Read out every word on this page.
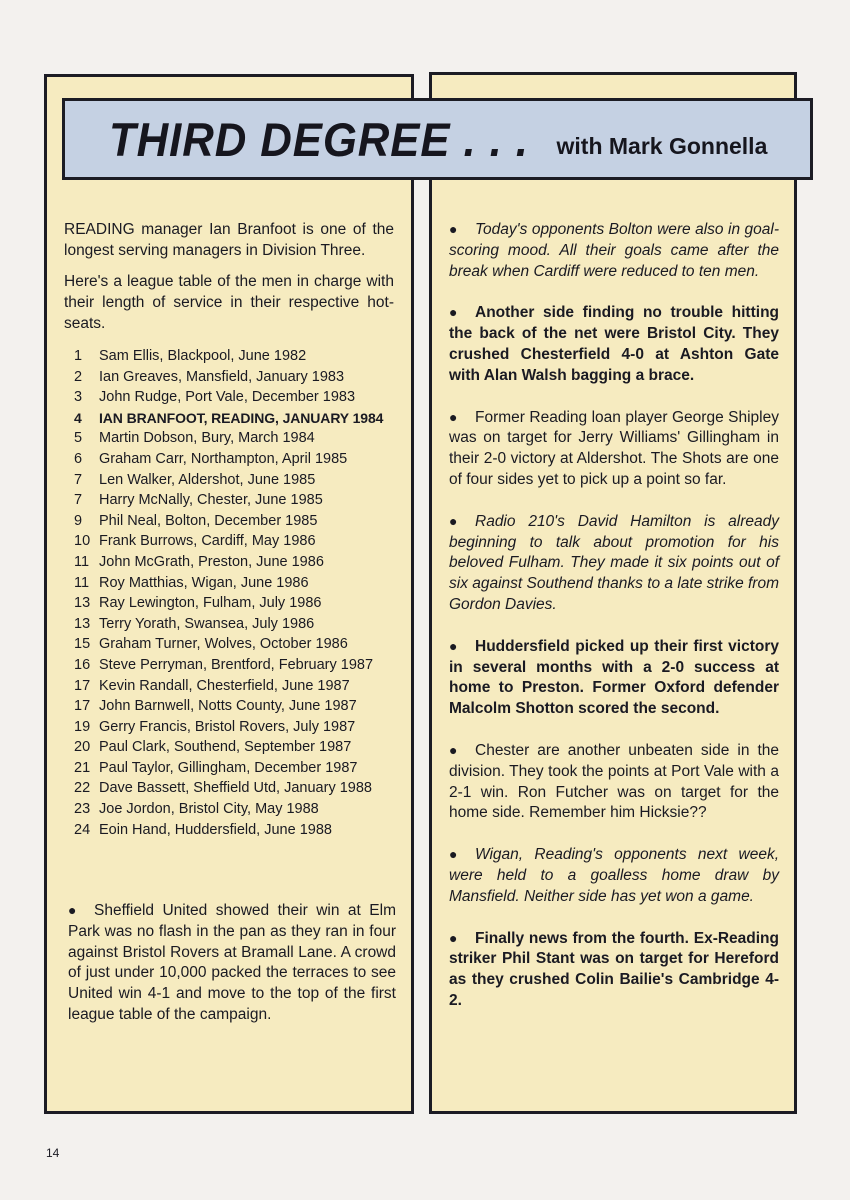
THIRD DEGREE . . . with Mark Gonnella

READING manager Ian Branfoot is one of the longest serving managers in Division Three.

Here's a league table of the men in charge with their length of service in their respective hot-seats.

1	Sam Ellis, Blackpool, June 1982
2	Ian Greaves, Mansfield, January 1983
3	John Rudge, Port Vale, December 1983
4	IAN BRANFOOT, READING, JANUARY 1984
5	Martin Dobson, Bury, March 1984
6	Graham Carr, Northampton, April 1985
7	Len Walker, Aldershot, June 1985
7	Harry McNally, Chester, June 1985
9	Phil Neal, Bolton, December 1985
10 Frank Burrows, Cardiff, May 1986
11 John McGrath, Preston, June 1986
11 Roy Matthias, Wigan, June 1986
13 Ray Lewington, Fulham, July 1986
13 Terry Yorath, Swansea, July 1986
15 Graham Turner, Wolves, October 1986
16 Steve Perryman, Brentford, February 1987
17 Kevin Randall, Chesterfield, June 1987
17 John Barnwell, Notts County, June 1987
19 Gerry Francis, Bristol Rovers, July 1987
20 Paul Clark, Southend, September 1987
21 Paul Taylor, Gillingham, December 1987
22 Dave Bassett, Sheffield Utd, January 1988
23 Joe Jordon, Bristol City, May 1988
24 Eoin Hand, Huddersfield, June 1988
●Sheffield United showed their win at Elm Park was no flash in the pan as they ran in four against Bristol Rovers at Bramall Lane. A crowd of just under 10,000 packed the terraces to see United win 4-1 and move to the top of the first league table of the campaign.

●Today's opponents Bolton were also in goal-scoring mood. All their goals came after the break when Cardiff were reduced to ten men.

●Another side finding no trouble hitting the back of the net were Bristol City. They crushed Chesterfield 4-0 at Ashton Gate with Alan Walsh bagging a brace.

●Former Reading loan player George Shipley was on target for Jerry Williams' Gillingham in their 2-0 victory at Aldershot. The Shots are one of four sides yet to pick up a point so far.

●Radio 210's David Hamilton is already beginning to talk about promotion for his beloved Fulham. They made it six points out of six against Southend thanks to a late strike from Gordon Davies.

●Huddersfield picked up their first victory in several months with a 2-0 success at home to Preston. Former Oxford defender Malcolm Shotton scored the second.

●Chester are another unbeaten side in the division. They took the points at Port Vale with a 2-1 win. Ron Futcher was on target for the home side. Remember him Hicksie??

●Wigan, Reading's opponents next week, were held to a goalless home draw by Mansfield. Neither side has yet won a game.

●Finally news from the fourth. Ex-Reading striker Phil Stant was on target for Hereford as they crushed Colin Bailie's Cambridge 4-2.

14
